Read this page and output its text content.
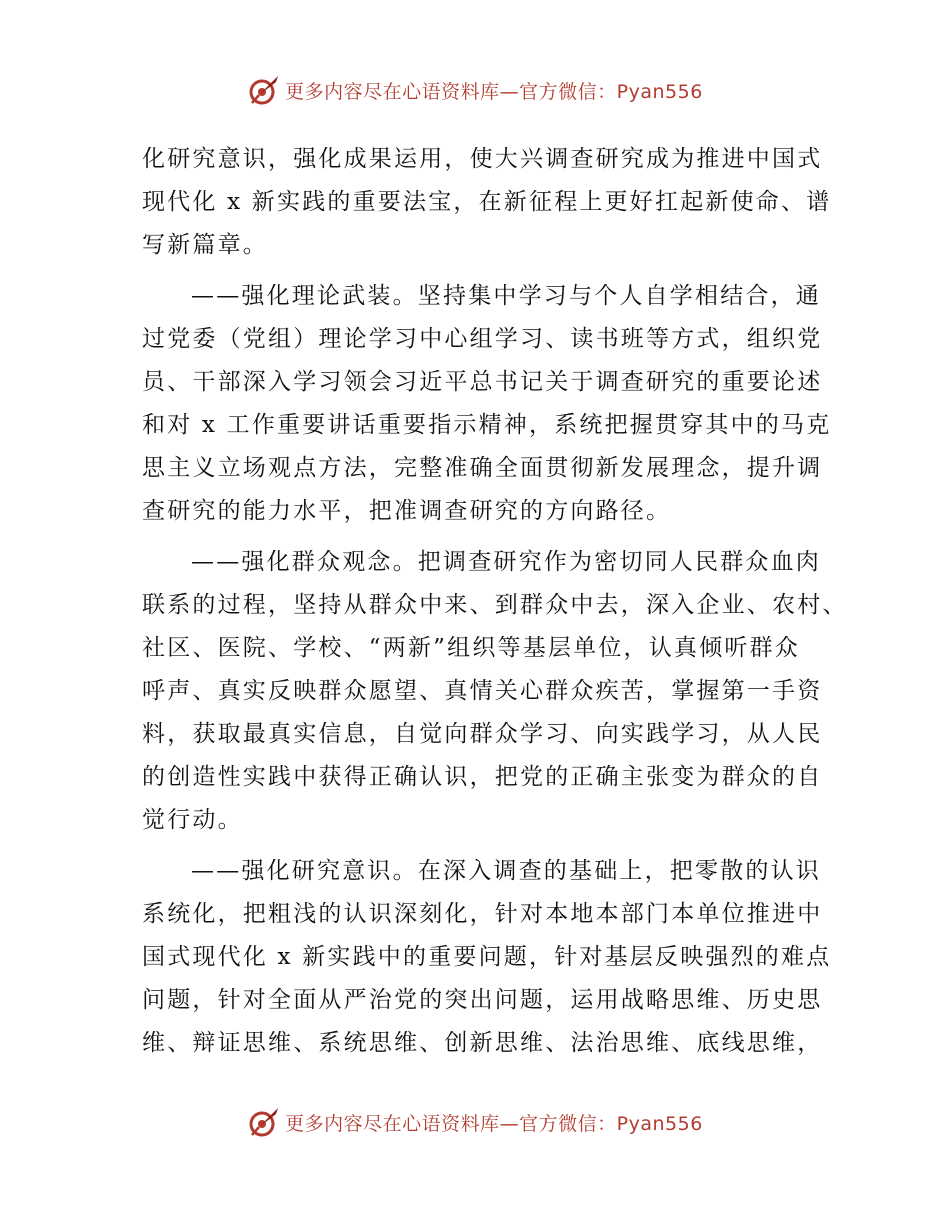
更多内容尽在心语资料库—官方微信：Pyan556
化研究意识，强化成果运用，使大兴调查研究成为推进中国式
现代化 x 新实践的重要法宝，在新征程上更好扛起新使命、谱
写新篇章。
——强化理论武装。坚持集中学习与个人自学相结合，通
过党委（党组）理论学习中心组学习、读书班等方式，组织党
员、干部深入学习领会习近平总书记关于调查研究的重要论述
和对 x 工作重要讲话重要指示精神，系统把握贯穿其中的马克
思主义立场观点方法，完整准确全面贯彻新发展理念，提升调
查研究的能力水平，把准调查研究的方向路径。
——强化群众观念。把调查研究作为密切同人民群众血肉
联系的过程，坚持从群众中来、到群众中去，深入企业、农村、
社区、医院、学校、“两新”组织等基层单位，认真倾听群众
呼声、真实反映群众愿望、真情关心群众疾苦，掌握第一手资
料，获取最真实信息，自觉向群众学习、向实践学习，从人民
的创造性实践中获得正确认识，把党的正确主张变为群众的自
觉行动。
——强化研究意识。在深入调查的基础上，把零散的认识
系统化，把粗浅的认识深刻化，针对本地本部门本单位推进中
国式现代化 x 新实践中的重要问题，针对基层反映强烈的难点
问题，针对全面从严治党的突出问题，运用战略思维、历史思
维、辩证思维、系统思维、创新思维、法治思维、底线思维，
更多内容尽在心语资料库—官方微信：Pyan556
